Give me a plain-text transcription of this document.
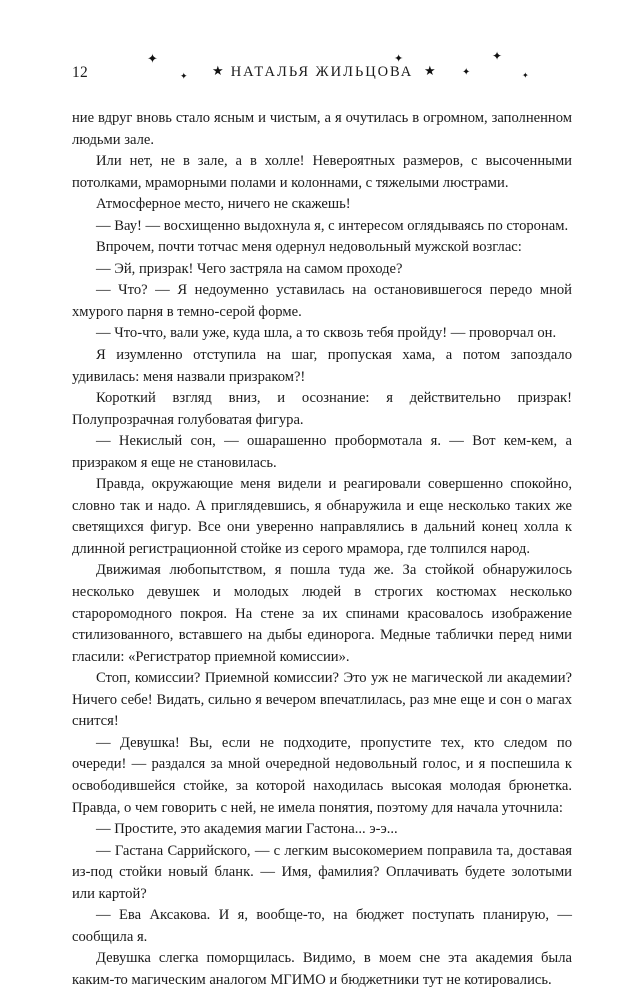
✦
✦ ★
✦
★	✦
✦
✦
12	НАТАЛЬЯ ЖИЛЬЦОВА

ние вдруг вновь стало ясным и чистым, а я очутилась в огромном, заполненном людьми зале.

Или нет, не в зале, а в холле! Невероятных размеров, с высоченными потолками, мраморными полами и колоннами, с тяжелыми люстрами.

Атмосферное место, ничего не скажешь!

— Вау! — восхищенно выдохнула я, с интересом оглядываясь по сторонам.

Впрочем, почти тотчас меня одернул недовольный мужской возглас:

— Эй, призрак! Чего застряла на самом проходе?

— Что? — Я недоуменно уставилась на остановившегося передо мной хмурого парня в темно-серой форме.

— Что-что, вали уже, куда шла, а то сквозь тебя пройду! — проворчал он.

Я изумленно отступила на шаг, пропуская хама, а потом запоздало удивилась: меня назвали призраком?!

Короткий взгляд вниз, и осознание: я действительно призрак! Полупрозрачная голубоватая фигура.

— Некислый сон, — ошарашенно пробормотала я. — Вот кем-кем, а призраком я еще не становилась.

Правда, окружающие меня видели и реагировали совершенно спокойно, словно так и надо. А приглядевшись, я обнаружила и еще несколько таких же светящихся фигур. Все они уверенно направлялись в дальний конец холла к длинной регистрационной стойке из серого мрамора, где толпился народ.

Движимая любопытством, я пошла туда же. За стойкой обнаружилось несколько девушек и молодых людей в строгих костюмах несколько староромодного покроя. На стене за их спинами красовалось изображение стилизованного, вставшего на дыбы единорога. Медные таблички перед ними гласили: «Регистратор приемной комиссии».

Стоп, комиссии? Приемной комиссии? Это уж не магической ли академии? Ничего себе! Видать, сильно я вечером впечатлилась, раз мне еще и сон о магах снится!

— Девушка! Вы, если не подходите, пропустите тех, кто следом по очереди! — раздался за мной очередной недовольный голос, и я поспешила к освободившейся стойке, за которой находилась высокая молодая брюнетка. Правда, о чем говорить с ней, не имела понятия, поэтому для начала уточнила:

— Простите, это академия магии Гастона... э-э...

— Гастана Саррийского, — с легким высокомерием поправила та, доставая из-под стойки новый бланк. — Имя, фамилия? Оплачивать будете золотыми или картой?

— Ева Аксакова. И я, вообще-то, на бюджет поступать планирую, — сообщила я.

Девушка слегка поморщилась. Видимо, в моем сне эта академия была каким-то магическим аналогом МГИМО и бюджетники тут не котировались.
